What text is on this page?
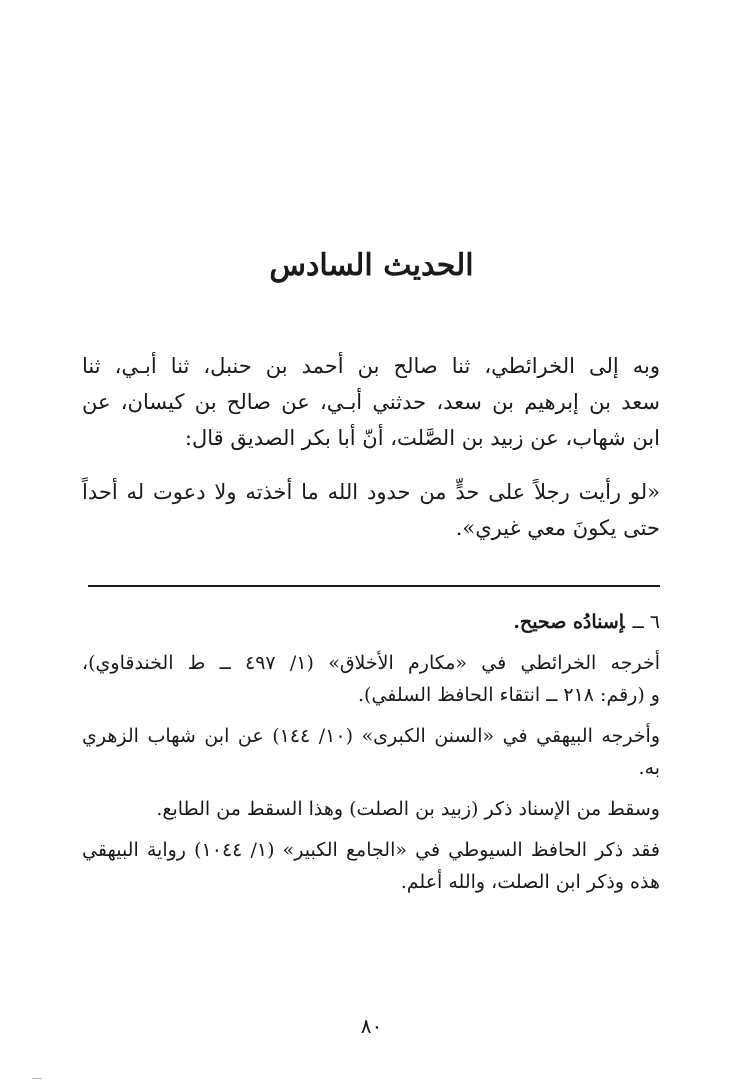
الحديث السادس

وبه إلى الخرائطي، ثنا صالح بن أحمد بن حنبل، ثنا أبـي، ثنا
سعد بن إبرهيم بن سعد، حدثني أبـي، عن صالح بن كيسان، عن
ابن شهاب، عن زبيد بن الصَّلت، أنّ أبا بكر الصديق قال:

«لو رأيت رجلاً على حدٍّ من حدود الله ما أخذته ولا دعوت له أحداً
حتى يكونَ معي غيري».

٦ ــإسنادُه صحيح.

أخرجه الخرائطي في «مكارم الأخلاق» (١/ ٤٩٧ ــ ط الخندقاوي)،
و (رقم: ٢١٨ ــ انتقاء الحافظ السلفي).

وأخرجه البيهقي في «السنن الكبرى» (١٠/ ١٤٤) عن ابن شهاب الزهري
به.

وسقط من الإسناد ذكر (زبيد بن الصلت) وهذا السقط من الطابع.

فقد ذكر الحافظ السيوطي في «الجامع الكبير» (١/ ١٠٤٤) رواية البيهقي
هذه وذكر ابن الصلت، والله أعلم.

٨٠
